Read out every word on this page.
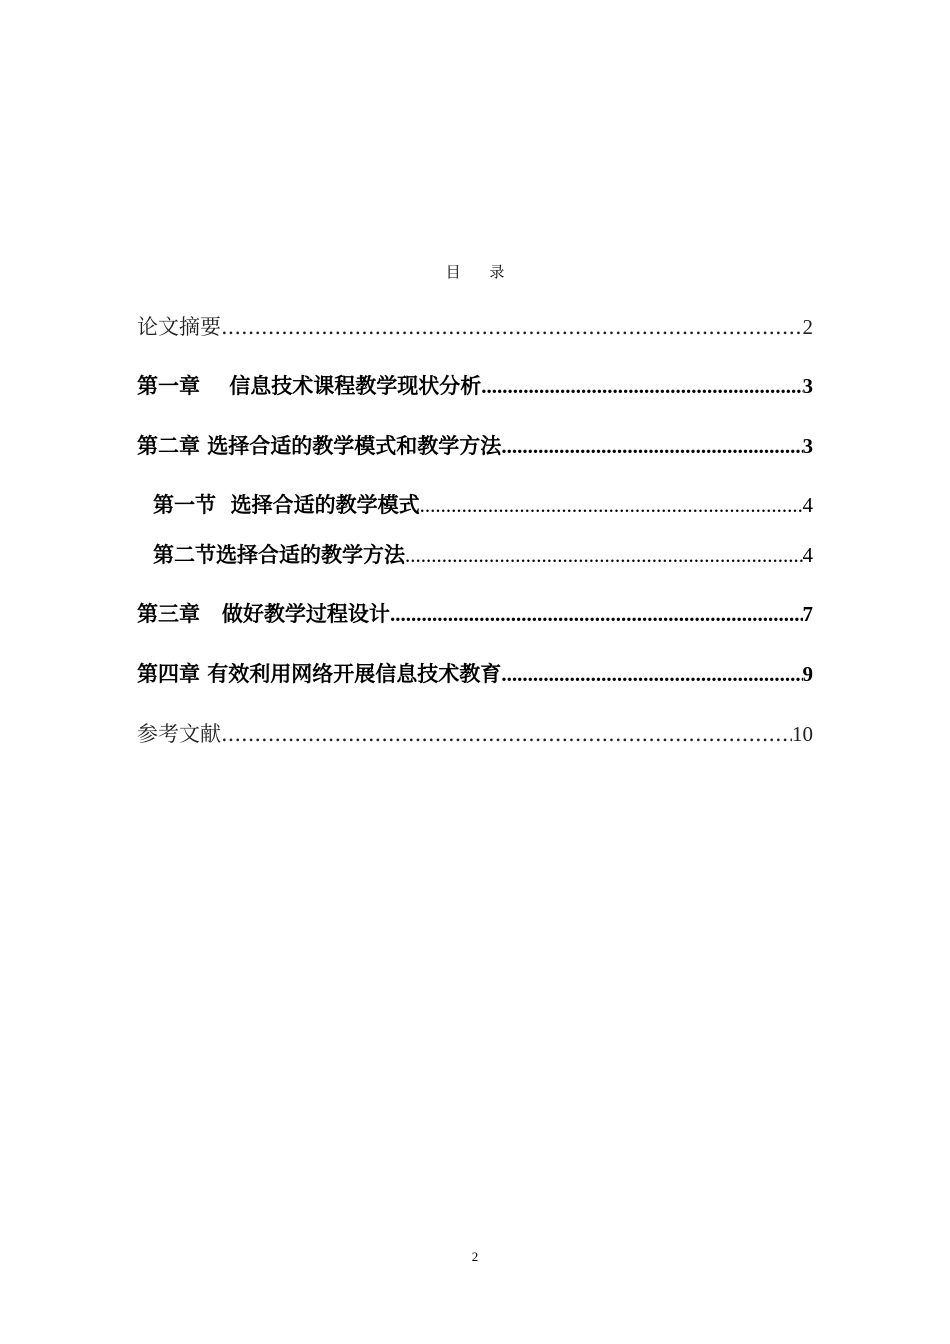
目 录
论文摘要 .....	2
第一章    信息技术课程教学现状分析 .....	3
第二章 选择合适的教学模式和教学方法 .....	3
第一节  选择合适的教学模式 .....	4
第二节选择合适的教学方法 .....	4
第三章   做好教学过程设计 .....	7
第四章 有效利用网络开展信息技术教育 .....	9
参考文献 .....	10
2
